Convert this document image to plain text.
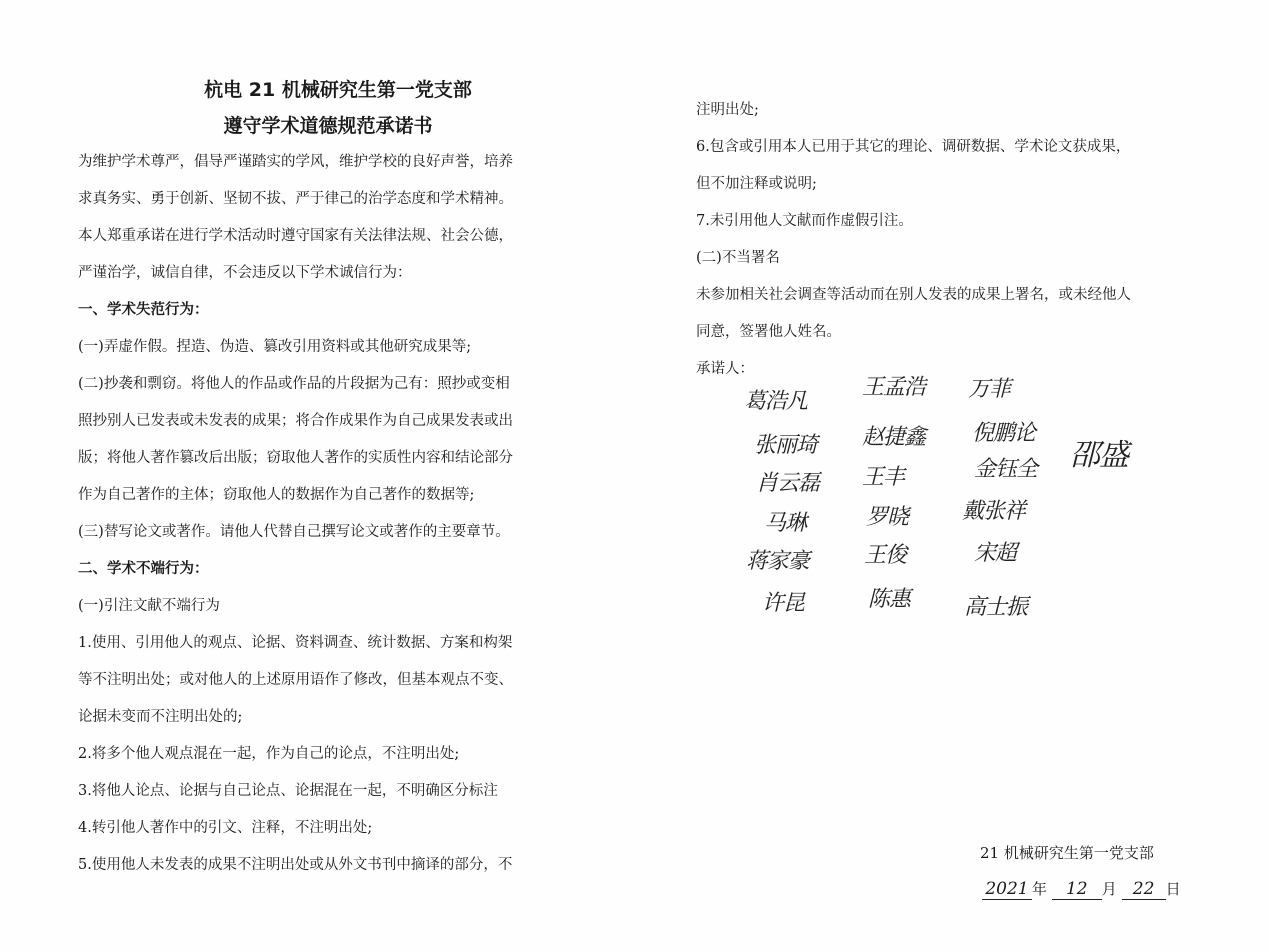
杭电 21 机械研究生第一党支部
遵守学术道德规范承诺书
为维护学术尊严，倡导严谨踏实的学风，维护学校的良好声誉，培养
求真务实、勇于创新、坚韧不拔、严于律己的治学态度和学术精神。
本人郑重承诺在进行学术活动时遵守国家有关法律法规、社会公德，
严谨治学，诚信自律，不会违反以下学术诚信行为：
一、学术失范行为：
(一)弄虚作假。捏造、伪造、篡改引用资料或其他研究成果等;
(二)抄袭和剽窃。将他人的作品或作品的片段据为己有：照抄或变相
照抄别人已发表或未发表的成果；将合作成果作为自己成果发表或出
版；将他人著作篡改后出版；窃取他人著作的实质性内容和结论部分
作为自己著作的主体；窃取他人的数据作为自己著作的数据等;
(三)替写论文或著作。请他人代替自己撰写论文或著作的主要章节。
二、学术不端行为：
(一)引注文献不端行为
1.使用、引用他人的观点、论据、资料调查、统计数据、方案和构架
等不注明出处；或对他人的上述原用语作了修改，但基本观点不变、
论据未变而不注明出处的;
2.将多个他人观点混在一起，作为自己的论点，不注明出处;
3.将他人论点、论据与自己论点、论据混在一起，不明确区分标注
4.转引他人著作中的引文、注释，不注明出处;
5.使用他人未发表的成果不注明出处或从外文书刊中摘译的部分，不
注明出处;
6.包含或引用本人已用于其它的理论、调研数据、学术论文获成果，
但不加注释或说明;
7.未引用他人文献而作虚假引注。
(二)不当署名
未参加相关社会调查等活动而在别人发表的成果上署名，或未经他人
同意，签署他人姓名。
承诺人：
葛浩凡
王孟浩 万菲
张丽琦 赵捷鑫 倪鹏论
肖云磊 王丰	金钰全
马琳	罗晓 戴张祥
蒋家豪 王俊	宋超
许昆	陈惠 高士振
邵盛
21 机械研究生第一党支部
2021 年 12 月 22 日
